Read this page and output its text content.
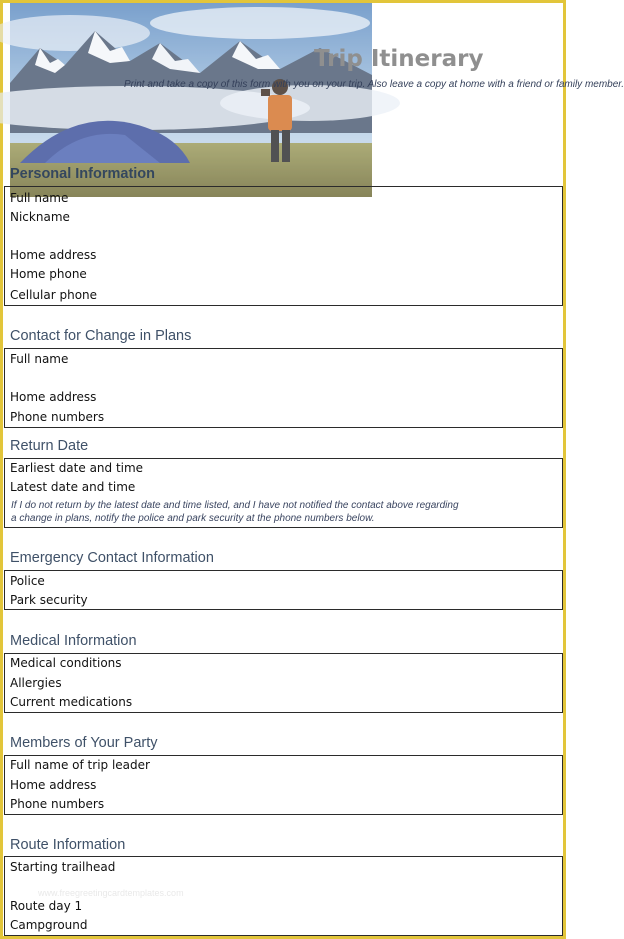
Trip Itinerary
Print and take a copy of this form with you on your trip. Also leave a copy at home with a friend or family member.
Personal Information
Full name
Nickname
Home address
Home phone
Cellular phone
Contact for Change in Plans
Full name
Home address
Phone numbers
Return Date
Earliest date and time
Latest date and time
If I do not return by the latest date and time listed, and I have not notified the contact above regarding
a change in plans, notify the police and park security at the phone numbers below.
Emergency Contact Information
Police
Park security
Medical Information
Medical conditions
Allergies
Current medications
Members of Your Party
Full name of trip leader
Home address
Phone numbers
Route Information
Starting trailhead
www.freegreetingcardtemplates.com
Route day 1
Campground
